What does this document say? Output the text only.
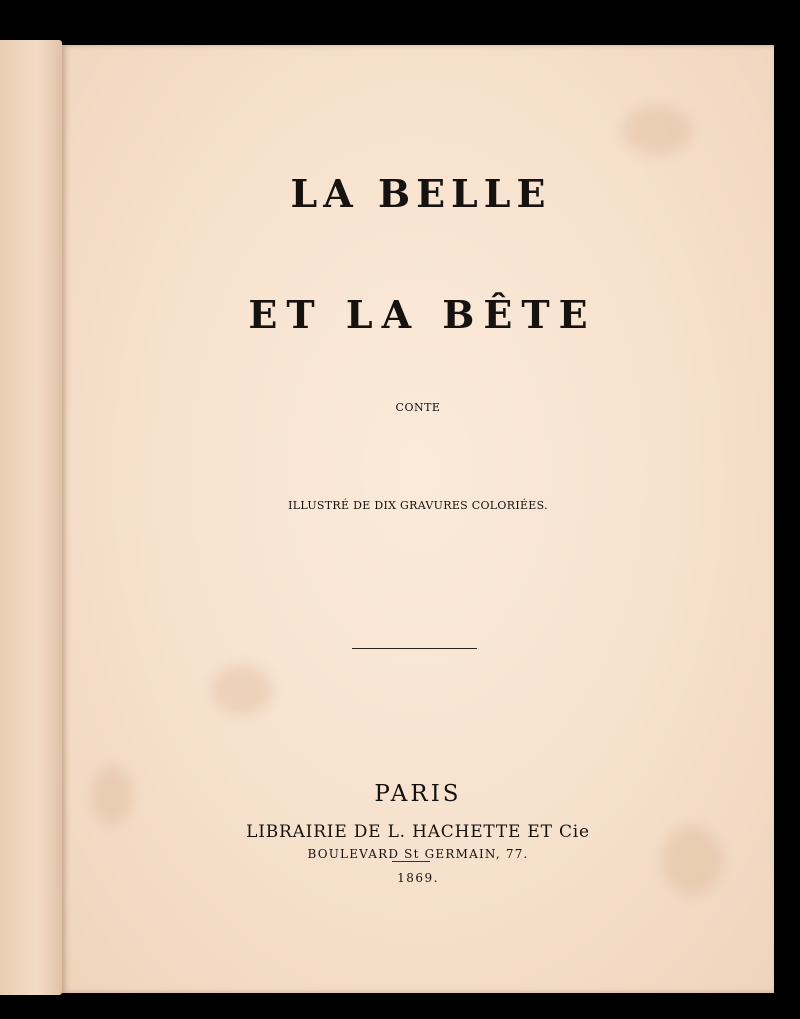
LA BELLE
ET LA BÊTE
CONTE
ILLUSTRÉ DE DIX GRAVURES COLORIÉES.
PARIS
LIBRAIRIE DE L. HACHETTE ET Cie
BOULEVARD St GERMAIN, 77.
1869.
